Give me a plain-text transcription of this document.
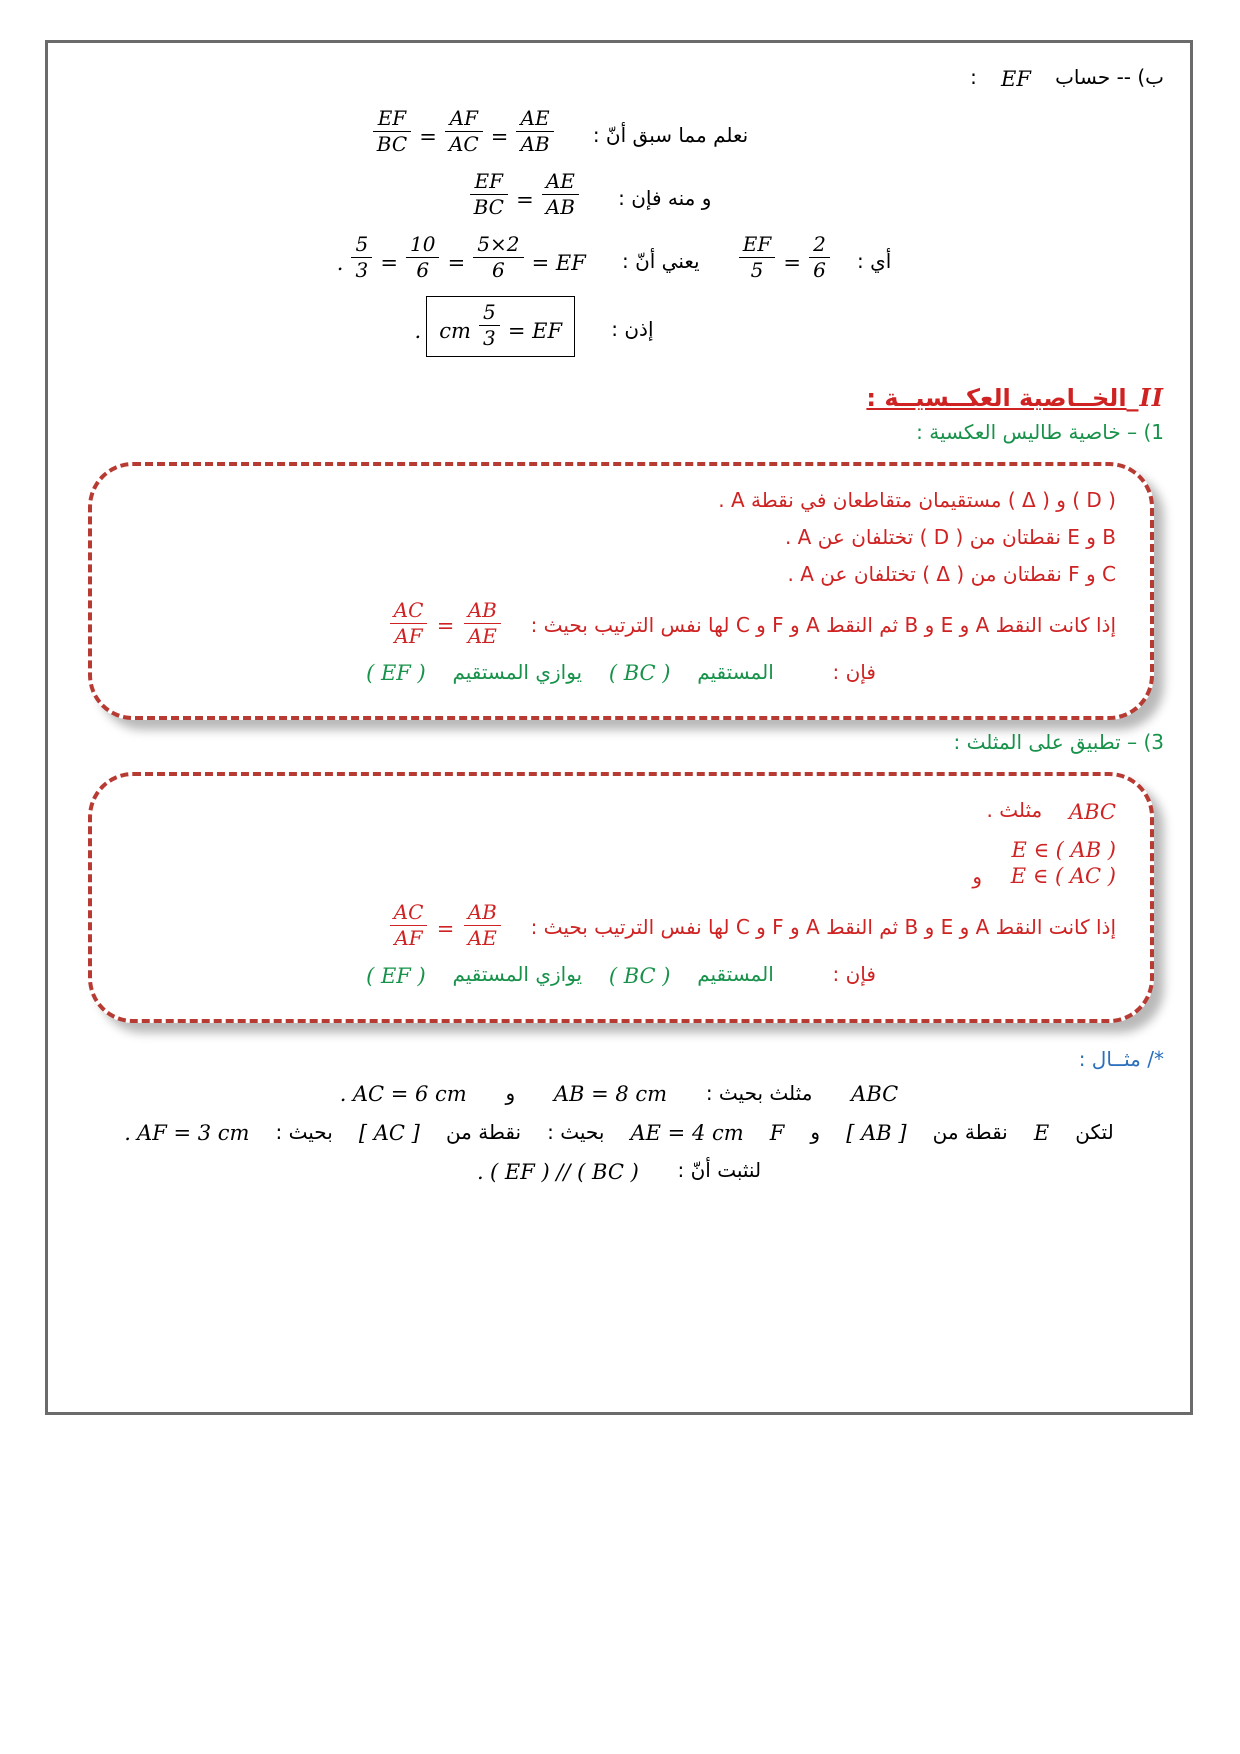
ب) -- حساب  EF  :
نعلم مما سبق أنّ :
$\frac{AE}{AB}$
=
$\frac{AF}{AC}$
=
$\frac{EF}{BC}$
و منه فإن :
$\frac{AE}{AB}$
=
$\frac{EF}{BC}$
أي :
$\frac{2}{6}$
=
$\frac{EF}{5}$
يعني أنّ :  EF =
$\frac{2\times 5}{6}$
=
$\frac{10}{6}$
=
$\frac{5}{3}$
.
إذن :  EF =
$\frac{5}{3}$
cm .
II_الخــاصية العكــسيــة :
1) – خاصية طاليس العكسية :
( D ) و ( Δ ) مستقيمان متقاطعان في نقطة A .
B و E نقطتان من ( D ) تختلفان عن A .
C و F نقطتان من ( Δ ) تختلفان عن A .
إذا كانت النقط A و E و B ثم النقط A و F و C لها نفس الترتيب بحيث :
$\frac{AB}{AE}$
=
$\frac{AC}{AF}$
فإن :  المستقيم  ( BC )  يوازي المستقيم  ( EF )
3) – تطبيق على المثلث :
ABC  مثلث .
E ∈ ( AB )
E ∈ ( AC )
و
إذا كانت النقط A و E و B ثم النقط A و F و C لها نفس الترتيب بحيث :
$\frac{AB}{AE}$
=
$\frac{AC}{AF}$
فإن :  المستقيم  ( BC )  يوازي المستقيم  ( EF )
*/ مثــال :
ABC  مثلث بحيث :  AB = 8 cm  و  AC = 6 cm .
لتكن  E  نقطة من  [ AB ]  و  F  AE = 4 cm  بحيث :  نقطة من  [ AC ]  بحيث :  AF = 3 cm .
لنثبت أنّ :  ( BC ) // ( EF ) .
